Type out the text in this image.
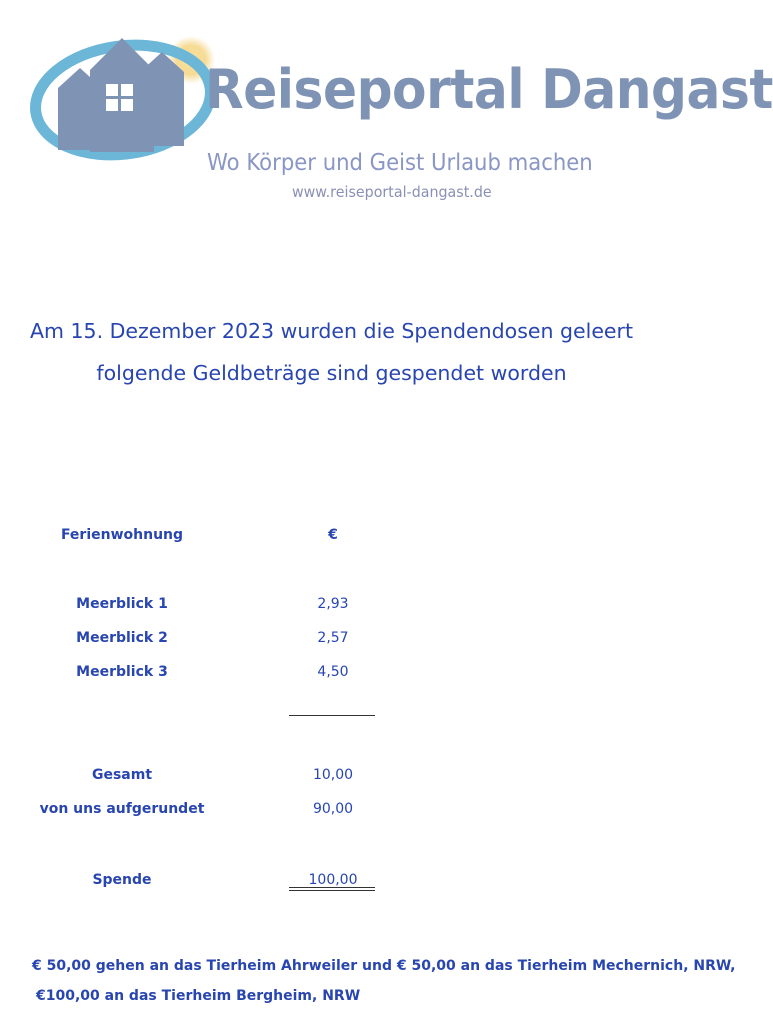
Reiseportal Dangast
Wo Körper und Geist Urlaub machen
www.reiseportal-dangast.de
Am 15. Dezember 2023 wurden die Spendendosen geleert
folgende Geldbeträge sind gespendet worden
Ferienwohnung	€
Meerblick 1	2,93
Meerblick 2	2,57
Meerblick 3	4,50
Gesamt	10,00
von uns aufgerundet	90,00
Spende	100,00
€ 50,00 gehen an das Tierheim Ahrweiler und € 50,00 an das Tierheim Mechernich, NRW,
€100,00 an das Tierheim Bergheim, NRW
